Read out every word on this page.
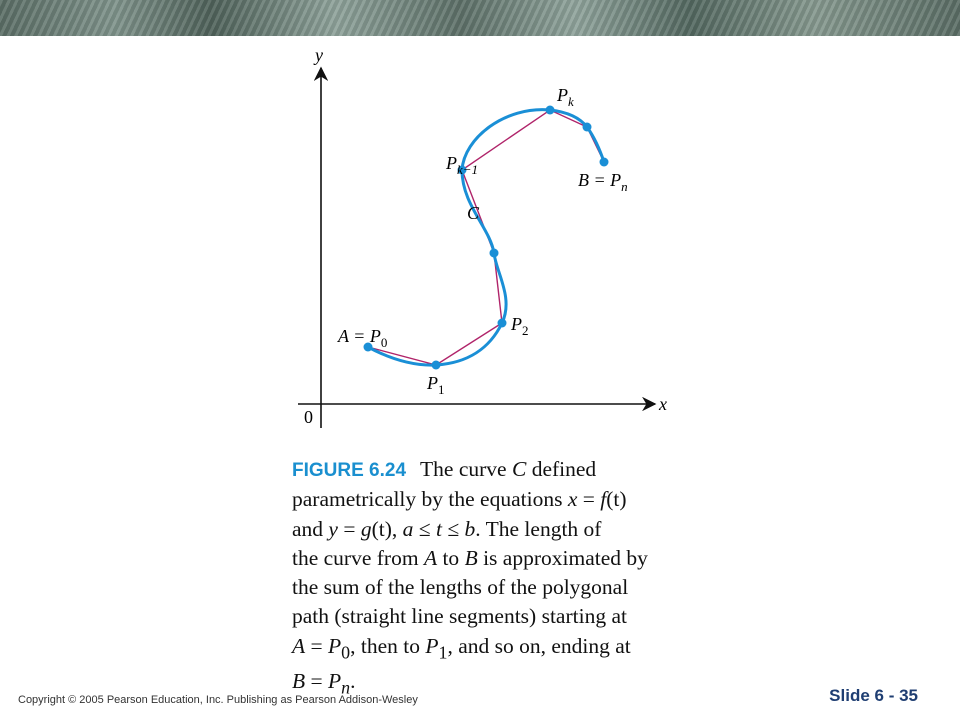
y
x
0
$A = P_0$
$P_1$
$P_2$
C
$P_{k-1}$
$P_k$
$B = P_n$
FIGURE 6.24 The curve C defined
parametrically by the equations x = f(t)
and y = g(t), a ≤ t ≤ b. The length of
the curve from A to B is approximated by
the sum of the lengths of the polygonal
path (straight line segments) starting at
$A = P_0$, then to $P_1$, and so on, ending at
$B = P_n$.
Copyright © 2005 Pearson Education, Inc. Publishing as Pearson Addison-Wesley	Slide 6 - 35
